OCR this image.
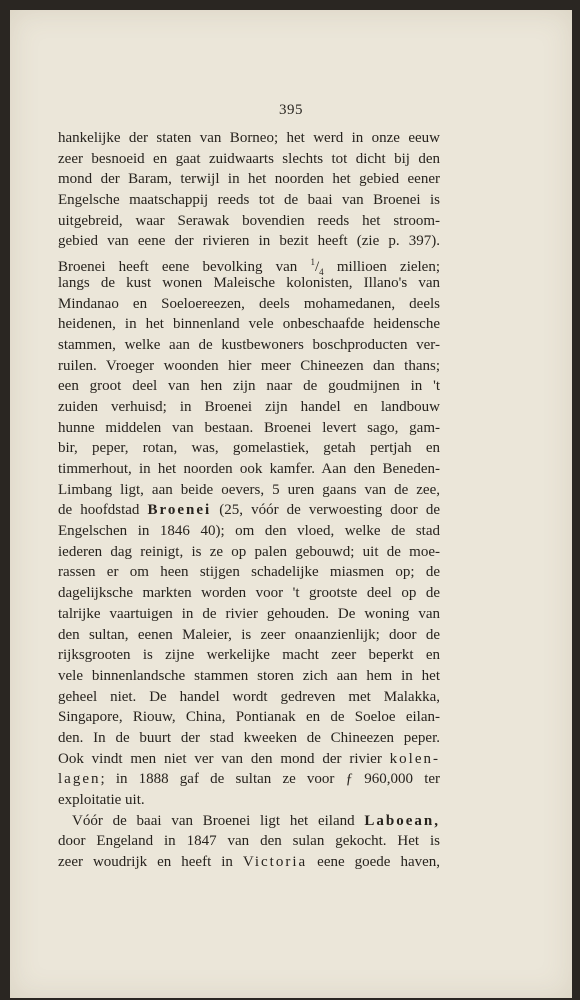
395
hankelijke der staten van Borneo; het werd in onze eeuw
zeer besnoeid en gaat zuidwaarts slechts tot dicht bij den
mond der Baram, terwijl in het noorden het gebied eener
Engelsche maatschappij reeds tot de baai van Broenei is
uitgebreid, waar Serawak bovendien reeds het stroom-
gebied van eene der rivieren in bezit heeft (zie p. 397).
Broenei heeft eene bevolking van $^1/_4$ millioen zielen;
langs de kust wonen Maleische kolonisten, Illano's van
Mindanao en Soeloereezen, deels mohamedanen, deels
heidenen, in het binnenland vele onbeschaafde heidensche
stammen, welke aan de kustbewoners boschproducten ver-
ruilen. Vroeger woonden hier meer Chineezen dan thans;
een groot deel van hen zijn naar de goudmijnen in 't
zuiden verhuisd; in Broenei zijn handel en landbouw
hunne middelen van bestaan. Broenei levert sago, gam-
bir, peper, rotan, was, gomelastiek, getah pertjah en
timmerhout, in het noorden ook kamfer. Aan den Beneden-
Limbang ligt, aan beide oevers, 5 uren gaans van de zee,
de hoofdstad Broenei (25, vóór de verwoesting door de
Engelschen in 1846 40); om den vloed, welke de stad
iederen dag reinigt, is ze op palen gebouwd; uit de moe-
rassen er om heen stijgen schadelijke miasmen op; de
dagelijksche markten worden voor 't grootste deel op de
talrijke vaartuigen in de rivier gehouden. De woning van
den sultan, eenen Maleier, is zeer onaanzienlijk; door de
rijksgrooten is zijne werkelijke macht zeer beperkt en
vele binnenlandsche stammen storen zich aan hem in het
geheel niet. De handel wordt gedreven met Malakka,
Singapore, Riouw, China, Pontianak en de Soeloe eilan-
den. In de buurt der stad kweeken de Chineezen peper.
Ook vindt men niet ver van den mond der rivier kolen-
lagen; in 1888 gaf de sultan ze voor ƒ 960,000 ter
exploitatie uit.
Vóór de baai van Broenei ligt het eiland Laboean,
door Engeland in 1847 van den sulan gekocht. Het is
zeer woudrijk en heeft in Victoria eene goede haven,
